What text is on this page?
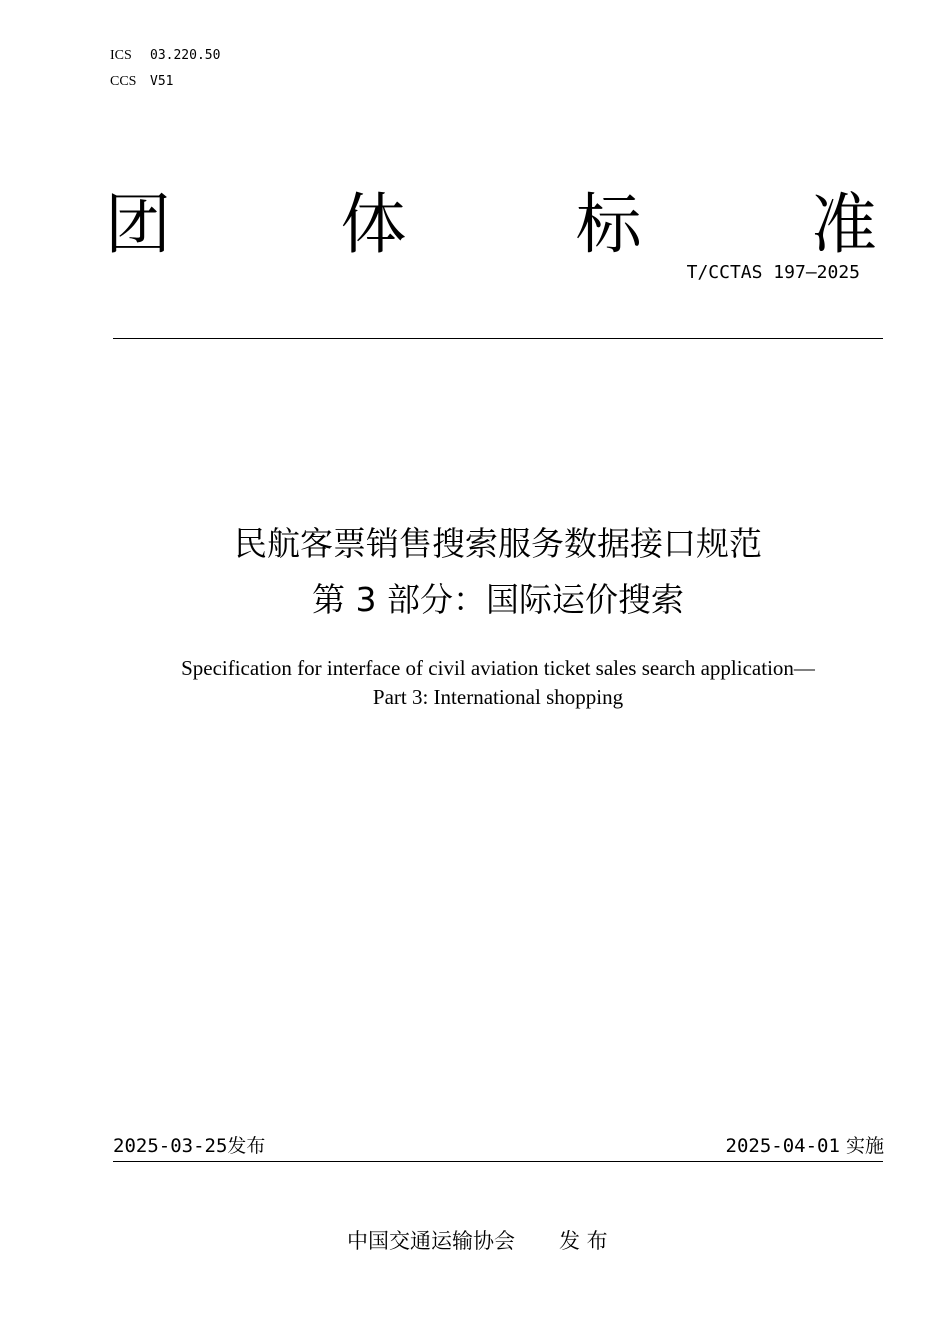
ICS 03.220.50
CCS V51
团	体	标	准
T/CCTAS 197—2025
民航客票销售搜索服务数据接口规范
第 3 部分：国际运价搜索
Specification for interface of civil aviation ticket sales search application—
Part 3: International shopping
2025-03-25发布	2025-04-01 实施
中国交通运输协会 发 布
